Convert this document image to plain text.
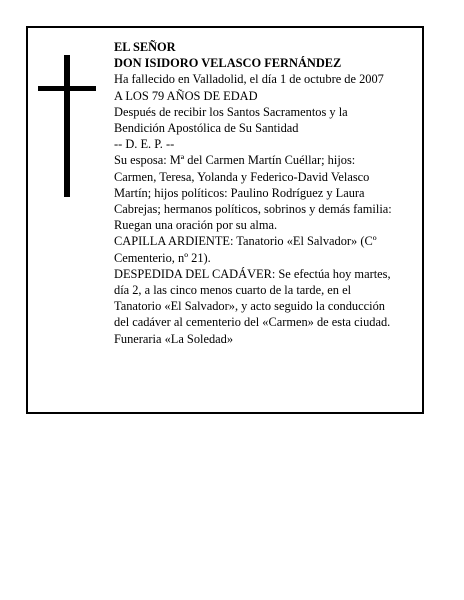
EL SEÑOR
DON ISIDORO VELASCO FERNÁNDEZ
Ha fallecido en Valladolid, el día 1 de octubre de 2007
A LOS 79 AÑOS DE EDAD
Después de recibir los Santos Sacramentos y la
Bendición Apostólica de Su Santidad
-- D. E. P. --
Su esposa: Mª del Carmen Martín Cuéllar; hijos:
Carmen, Teresa, Yolanda y Federico-David Velasco
Martín; hijos políticos: Paulino Rodríguez y Laura
Cabrejas; hermanos políticos, sobrinos y demás familia:
Ruegan una oración por su alma.
CAPILLA ARDIENTE: Tanatorio «El Salvador» (Cº
Cementerio, nº 21).
DESPEDIDA DEL CADÁVER: Se efectúa hoy martes,
día 2, a las cinco menos cuarto de la tarde, en el
Tanatorio «El Salvador», y acto seguido la conducción
del cadáver al cementerio del «Carmen» de esta ciudad.
Funeraria «La Soledad»
